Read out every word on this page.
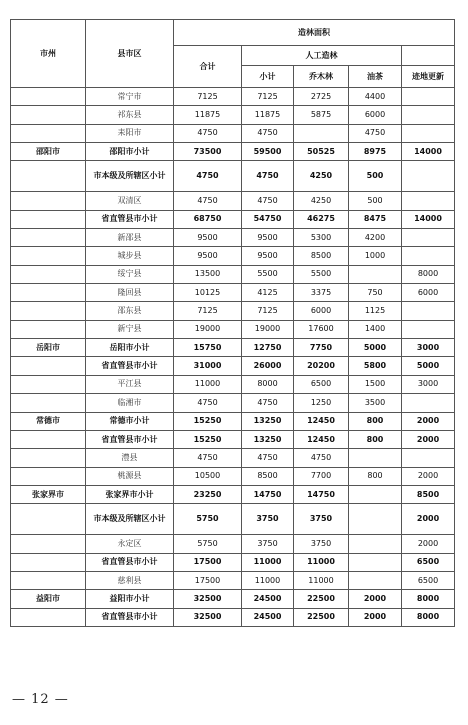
市州	县市区	造林面积				
		合计	人工造林			
			小计	乔木林	油茶	迹地更新
	常宁市	7125	7125	2725	4400	
	祁东县	11875	11875	5875	6000	
	耒阳市	4750	4750		4750	
邵阳市	邵阳市小计	73500	59500	50525	8975	14000
	市本级及所辖区小计	4750	4750	4250	500	
	双清区	4750	4750	4250	500	
	省直管县市小计	68750	54750	46275	8475	14000
	新邵县	9500	9500	5300	4200	
	城步县	9500	9500	8500	1000	
	绥宁县	13500	5500	5500		8000
	隆回县	10125	4125	3375	750	6000
	邵东县	7125	7125	6000	1125	
	新宁县	19000	19000	17600	1400	
岳阳市	岳阳市小计	15750	12750	7750	5000	3000
	省直管县市小计	31000	26000	20200	5800	5000
	平江县	11000	8000	6500	1500	3000
	临湘市	4750	4750	1250	3500	
常德市	常德市小计	15250	13250	12450	800	2000
	省直管县市小计	15250	13250	12450	800	2000
	澧县	4750	4750	4750		
	桃源县	10500	8500	7700	800	2000
张家界市	张家界市小计	23250	14750	14750		8500
	市本级及所辖区小计	5750	3750	3750		2000
	永定区	5750	3750	3750		2000
	省直管县市小计	17500	11000	11000		6500
	慈利县	17500	11000	11000		6500
益阳市	益阳市小计	32500	24500	22500	2000	8000
	省直管县市小计	32500	24500	22500	2000	8000
— 12 —
